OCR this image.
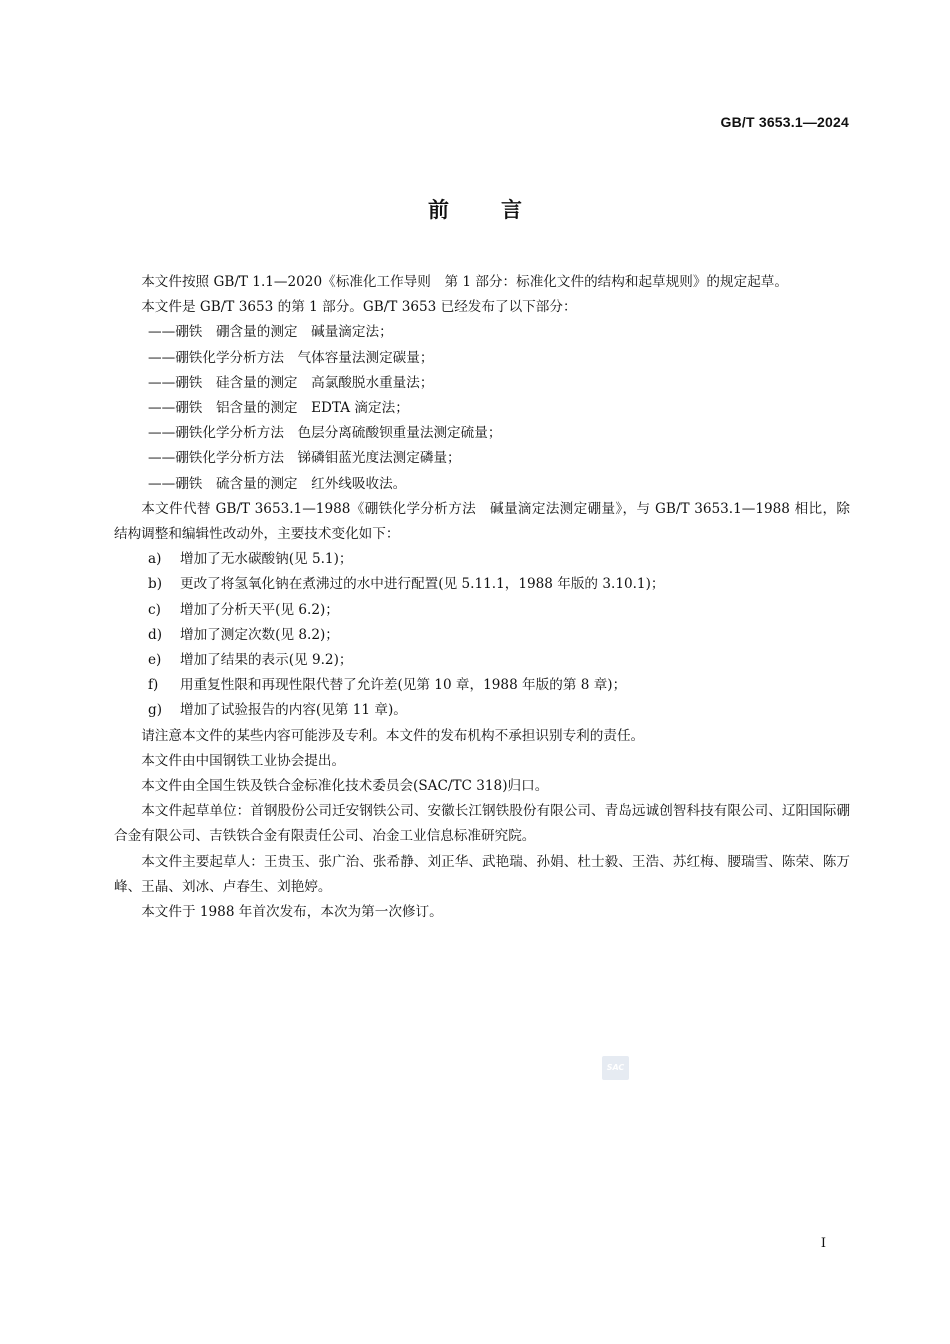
GB/T 3653.1—2024
前言

本文件按照 GB/T 1.1—2020《标准化工作导则　第 1 部分：标准化文件的结构和起草规则》的规定起草。

本文件是 GB/T 3653 的第 1 部分。GB/T 3653 已经发布了以下部分：

——硼铁　硼含量的测定　碱量滴定法；

——硼铁化学分析方法　气体容量法测定碳量；

——硼铁　硅含量的测定　高氯酸脱水重量法；

——硼铁　铝含量的测定　EDTA 滴定法；

——硼铁化学分析方法　色层分离硫酸钡重量法测定硫量；

——硼铁化学分析方法　锑磷钼蓝光度法测定磷量；

——硼铁　硫含量的测定　红外线吸收法。

本文件代替 GB/T 3653.1—1988《硼铁化学分析方法　碱量滴定法测定硼量》，与 GB/T 3653.1—1988 相比，除结构调整和编辑性改动外，主要技术变化如下：

a) 增加了无水碳酸钠(见 5.1)；

b) 更改了将氢氧化钠在煮沸过的水中进行配置(见 5.11.1，1988 年版的 3.10.1)；

c) 增加了分析天平(见 6.2)；

d) 增加了测定次数(见 8.2)；

e) 增加了结果的表示(见 9.2)；

f) 用重复性限和再现性限代替了允许差(见第 10 章，1988 年版的第 8 章)；

g) 增加了试验报告的内容(见第 11 章)。

请注意本文件的某些内容可能涉及专利。本文件的发布机构不承担识别专利的责任。

本文件由中国钢铁工业协会提出。

本文件由全国生铁及铁合金标准化技术委员会(SAC/TC 318)归口。

本文件起草单位：首钢股份公司迁安钢铁公司、安徽长江钢铁股份有限公司、青岛远诚创智科技有限公司、辽阳国际硼合金有限公司、吉铁铁合金有限责任公司、冶金工业信息标准研究院。

本文件主要起草人：王贵玉、张广治、张希静、刘正华、武艳瑞、孙娟、杜士毅、王浩、苏红梅、腰瑞雪、陈荣、陈万峰、王晶、刘冰、卢春生、刘艳婷。

本文件于 1988 年首次发布，本次为第一次修订。

SAC
I
